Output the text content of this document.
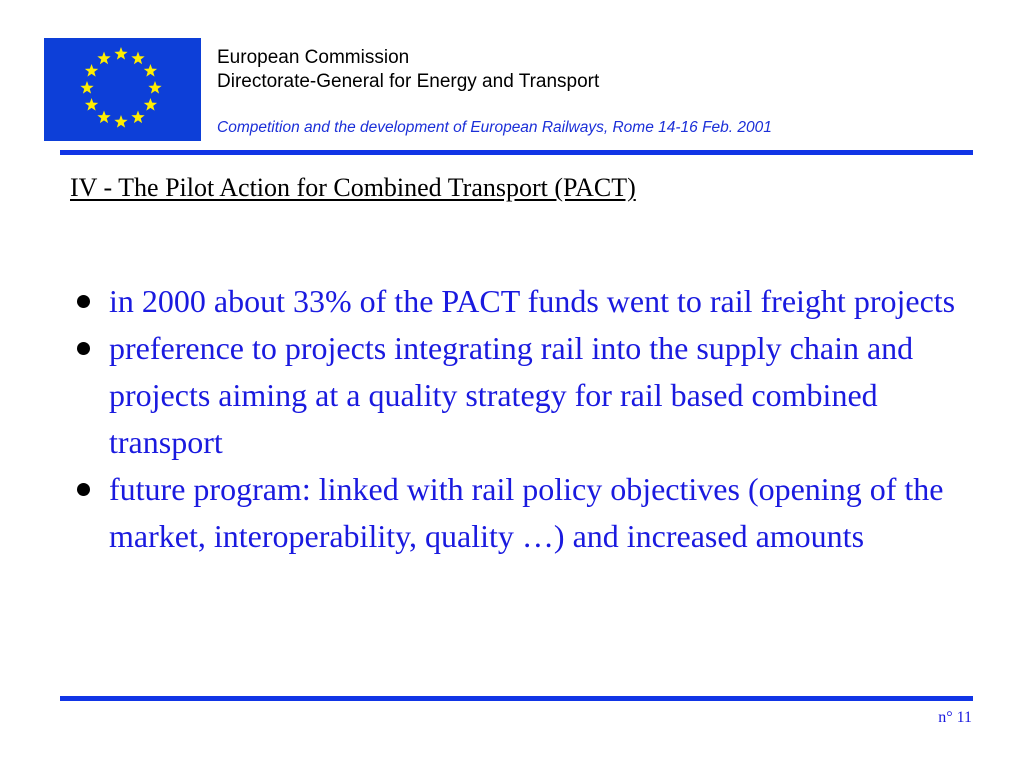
European Commission
Directorate-General for Energy and Transport
Competition and the development of European Railways, Rome 14-16 Feb. 2001
IV - The Pilot Action for Combined Transport (PACT)
in 2000 about 33% of the PACT funds went to rail freight projects
preference to projects integrating rail into the supply chain and projects aiming at a quality strategy for rail based combined transport
future program: linked with rail policy objectives (opening of the market, interoperability, quality …) and increased amounts
n° 11
